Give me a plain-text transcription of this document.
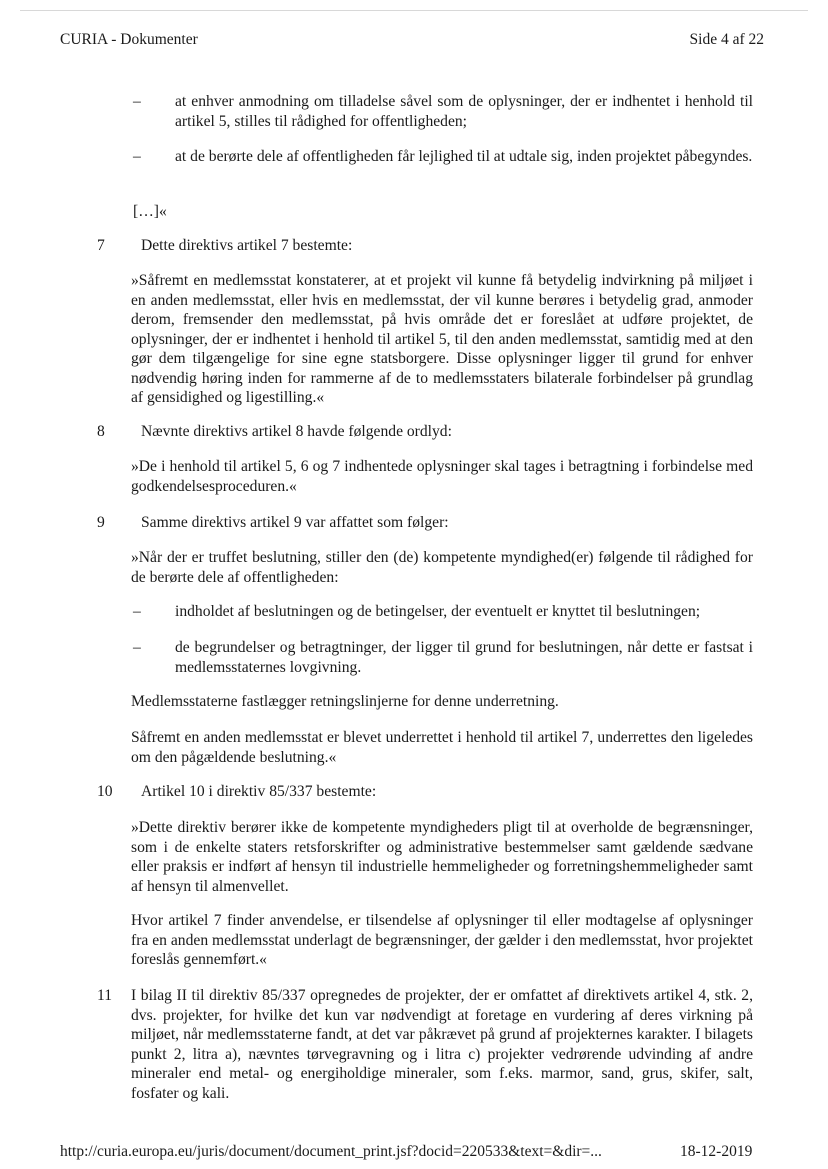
CURIA - Dokumenter	Side 4 af 22
– at enhver anmodning om tilladelse såvel som de oplysninger, der er indhentet i henhold til artikel 5, stilles til rådighed for offentligheden;
– at de berørte dele af offentligheden får lejlighed til at udtale sig, inden projektet påbegyndes.
[…]«
7 Dette direktivs artikel 7 bestemte:
»Såfremt en medlemsstat konstaterer, at et projekt vil kunne få betydelig indvirkning på miljøet i en anden medlemsstat, eller hvis en medlemsstat, der vil kunne berøres i betydelig grad, anmoder derom, fremsender den medlemsstat, på hvis område det er foreslået at udføre projektet, de oplysninger, der er indhentet i henhold til artikel 5, til den anden medlemsstat, samtidig med at den gør dem tilgængelige for sine egne statsborgere. Disse oplysninger ligger til grund for enhver nødvendig høring inden for rammerne af de to medlemsstaters bilaterale forbindelser på grundlag af gensidighed og ligestilling.«
8 Nævnte direktivs artikel 8 havde følgende ordlyd:
»De i henhold til artikel 5, 6 og 7 indhentede oplysninger skal tages i betragtning i forbindelse med godkendelsesproceduren.«
9 Samme direktivs artikel 9 var affattet som følger:
»Når der er truffet beslutning, stiller den (de) kompetente myndighed(er) følgende til rådighed for de berørte dele af offentligheden:
– indholdet af beslutningen og de betingelser, der eventuelt er knyttet til beslutningen;
– de begrundelser og betragtninger, der ligger til grund for beslutningen, når dette er fastsat i medlemsstaternes lovgivning.
Medlemsstaterne fastlægger retningslinjerne for denne underretning.
Såfremt en anden medlemsstat er blevet underrettet i henhold til artikel 7, underrettes den ligeledes om den pågældende beslutning.«
10 Artikel 10 i direktiv 85/337 bestemte:
»Dette direktiv berører ikke de kompetente myndigheders pligt til at overholde de begrænsninger, som i de enkelte staters retsforskrifter og administrative bestemmelser samt gældende sædvane eller praksis er indført af hensyn til industrielle hemmeligheder og forretningshemmeligheder samt af hensyn til almenvellet.
Hvor artikel 7 finder anvendelse, er tilsendelse af oplysninger til eller modtagelse af oplysninger fra en anden medlemsstat underlagt de begrænsninger, der gælder i den medlemsstat, hvor projektet foreslås gennemført.«
11 I bilag II til direktiv 85/337 opregnedes de projekter, der er omfattet af direktivets artikel 4, stk. 2, dvs. projekter, for hvilke det kun var nødvendigt at foretage en vurdering af deres virkning på miljøet, når medlemsstaterne fandt, at det var påkrævet på grund af projekternes karakter. I bilagets punkt 2, litra a), nævntes tørvegravning og i litra c) projekter vedrørende udvinding af andre mineraler end metal- og energiholdige mineraler, som f.eks. marmor, sand, grus, skifer, salt, fosfater og kali.
http://curia.europa.eu/juris/document/document_print.jsf?docid=220533&text=&dir=...	18-12-2019
